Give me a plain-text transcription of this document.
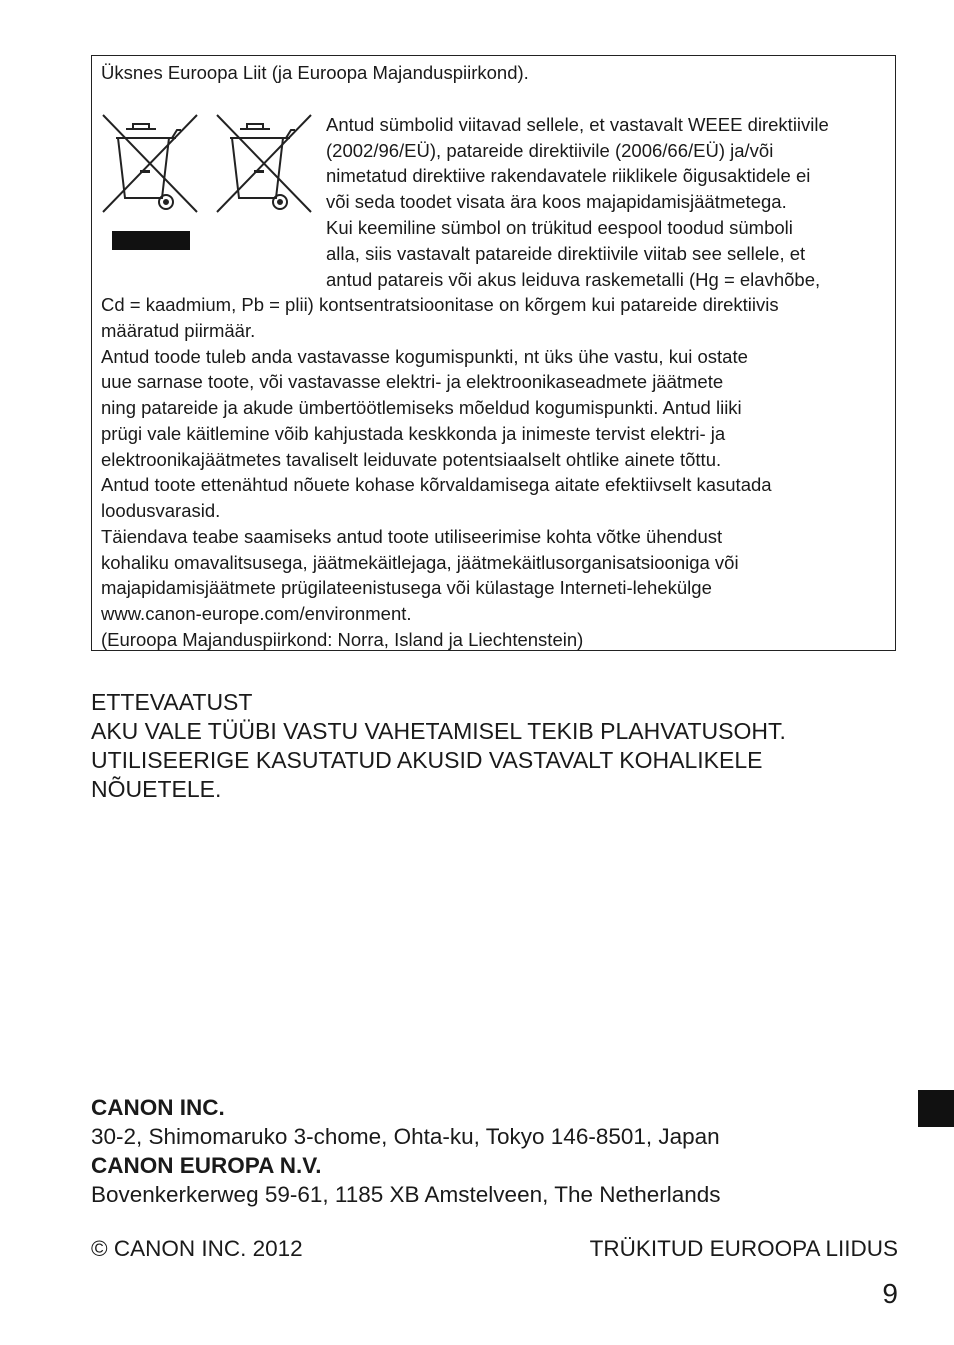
Üksnes Euroopa Liit (ja Euroopa Majanduspiirkond).
Antud sümbolid viitavad sellele, et vastavalt WEEE direktiivile
(2002/96/EÜ), patareide direktiivile (2006/66/EÜ) ja/või
nimetatud direktiive rakendavatele riiklikele õigusaktidele ei
või seda toodet visata ära koos majapidamisjäätmetega.
Kui keemiline sümbol on trükitud eespool toodud sümboli
alla, siis vastavalt patareide direktiivile viitab see sellele, et
antud patareis või akus leiduva raskemetalli (Hg = elavhõbe,
Cd = kaadmium, Pb = plii) kontsentratsioonitase on kõrgem kui patareide direktiivis
määratud piirmäär.
Antud toode tuleb anda vastavasse kogumispunkti, nt üks ühe vastu, kui ostate
uue sarnase toote, või vastavasse elektri- ja elektroonikaseadmete jäätmete
ning patareide ja akude ümbertöötlemiseks mõeldud kogumispunkti. Antud liiki
prügi vale käitlemine võib kahjustada keskkonda ja inimeste tervist elektri- ja
elektroonikajäätmetes tavaliselt leiduvate potentsiaalselt ohtlike ainete tõttu.
Antud toote ettenähtud nõuete kohase kõrvaldamisega aitate efektiivselt kasutada
loodusvarasid.
Täiendava teabe saamiseks antud toote utiliseerimise kohta võtke ühendust
kohaliku omavalitsusega, jäätmekäitlejaga, jäätmekäitlusorganisatsiooniga või
majapidamisjäätmete prügilateenistusega või külastage Interneti-lehekülge
www.canon-europe.com/environment.
(Euroopa Majanduspiirkond: Norra, Island ja Liechtenstein)
ETTEVAATUST
AKU VALE TÜÜBI VASTU VAHETAMISEL TEKIB PLAHVATUSOHT.
UTILISEERIGE KASUTATUD AKUSID VASTAVALT KOHALIKELE
NÕUETELE.
CANON INC.
30-2, Shimomaruko 3-chome, Ohta-ku, Tokyo 146-8501, Japan
CANON EUROPA N.V.
Bovenkerkerweg 59-61, 1185 XB Amstelveen, The Netherlands
© CANON INC. 2012	TRÜKITUD EUROOPA LIIDUS
9
